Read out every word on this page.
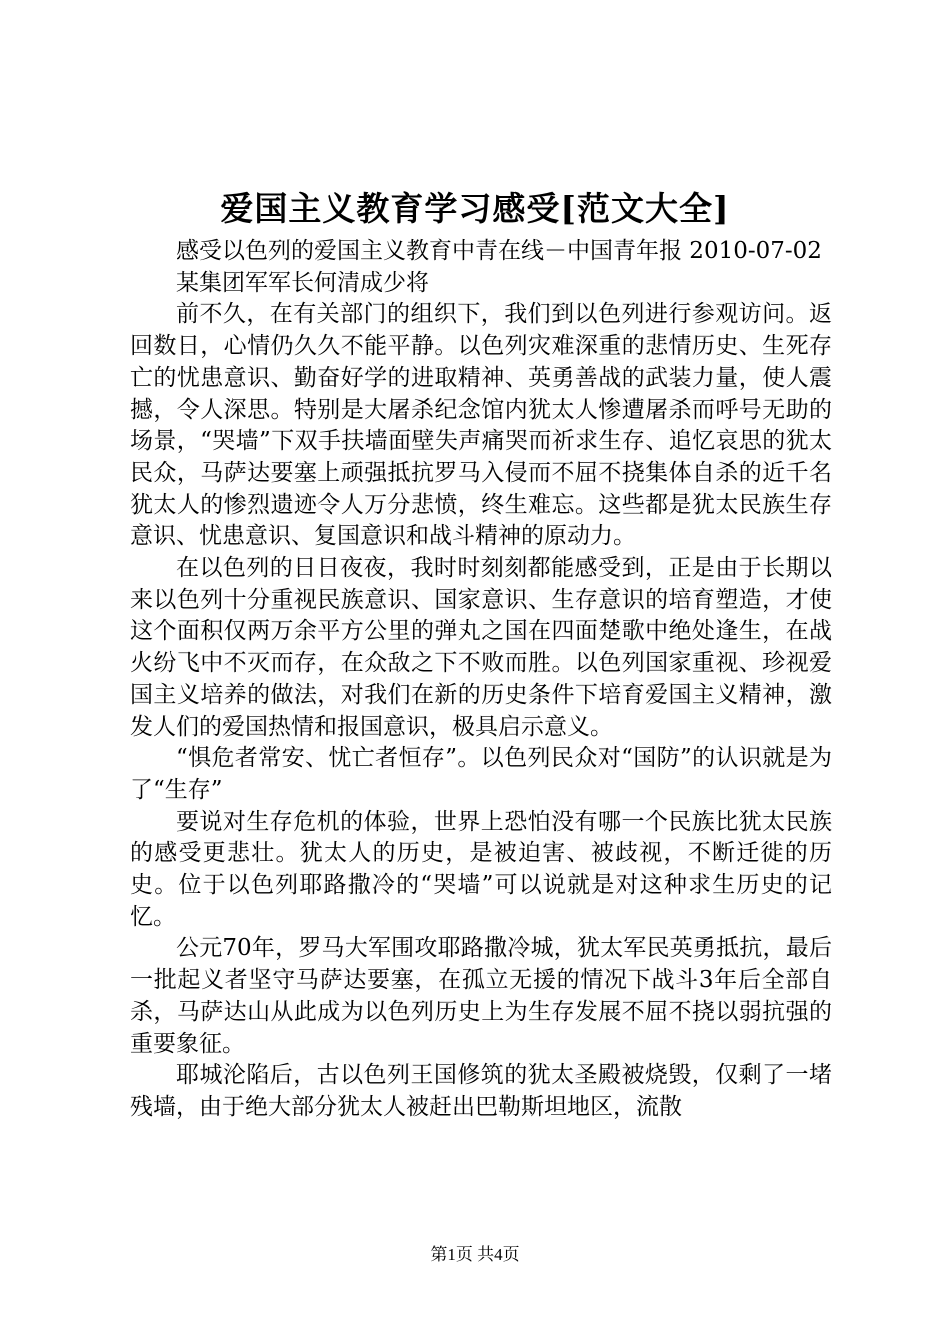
爱国主义教育学习感受[范文大全]

感受以色列的爱国主义教育中青在线－中国青年报 2010-07-02

某集团军军长何清成少将

前不久，在有关部门的组织下，我们到以色列进行参观访问。返回数日，心情仍久久不能平静。以色列灾难深重的悲情历史、生死存亡的忧患意识、勤奋好学的进取精神、英勇善战的武装力量，使人震撼，令人深思。特别是大屠杀纪念馆内犹太人惨遭屠杀而呼号无助的场景，“哭墙”下双手扶墙面壁失声痛哭而祈求生存、追忆哀思的犹太民众，马萨达要塞上顽强抵抗罗马入侵而不屈不挠集体自杀的近千名犹太人的惨烈遗迹令人万分悲愤，终生难忘。这些都是犹太民族生存意识、忧患意识、复国意识和战斗精神的原动力。

在以色列的日日夜夜，我时时刻刻都能感受到，正是由于长期以来以色列十分重视民族意识、国家意识、生存意识的培育塑造，才使这个面积仅两万余平方公里的弹丸之国在四面楚歌中绝处逢生，在战火纷飞中不灭而存，在众敌之下不败而胜。以色列国家重视、珍视爱国主义培养的做法，对我们在新的历史条件下培育爱国主义精神，激发人们的爱国热情和报国意识，极具启示意义。

“惧危者常安、忧亡者恒存”。以色列民众对“国防”的认识就是为了“生存”

要说对生存危机的体验，世界上恐怕没有哪一个民族比犹太民族的感受更悲壮。犹太人的历史，是被迫害、被歧视，不断迁徙的历史。位于以色列耶路撒冷的“哭墙”可以说就是对这种求生历史的记忆。

公元70年，罗马大军围攻耶路撒冷城，犹太军民英勇抵抗，最后一批起义者坚守马萨达要塞，在孤立无援的情况下战斗3年后全部自杀，马萨达山从此成为以色列历史上为生存发展不屈不挠以弱抗强的重要象征。

耶城沦陷后，古以色列王国修筑的犹太圣殿被烧毁，仅剩了一堵残墙，由于绝大部分犹太人被赶出巴勒斯坦地区，流散

第1页 共4页
